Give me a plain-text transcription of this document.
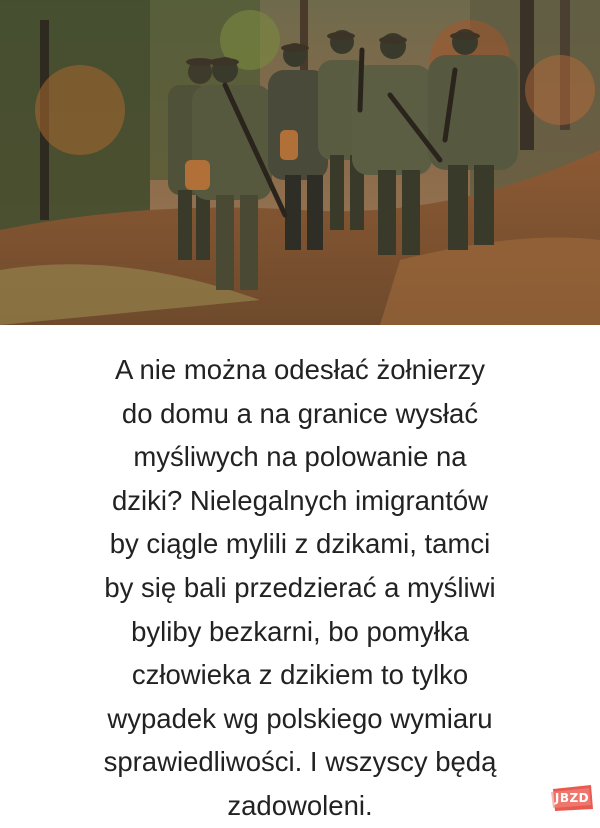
A nie można odesłać żołnierzy
do domu a na granice wysłać
myśliwych na polowanie na
dziki? Nielegalnych imigrantów
by ciągle mylili z dzikami, tamci
by się bali przedzierać a myśliwi
byliby bezkarni, bo pomyłka
człowieka z dzikiem to tylko
wypadek wg polskiego wymiaru
sprawiedliwości. I wszyscy będą
zadowoleni.	JBZD
